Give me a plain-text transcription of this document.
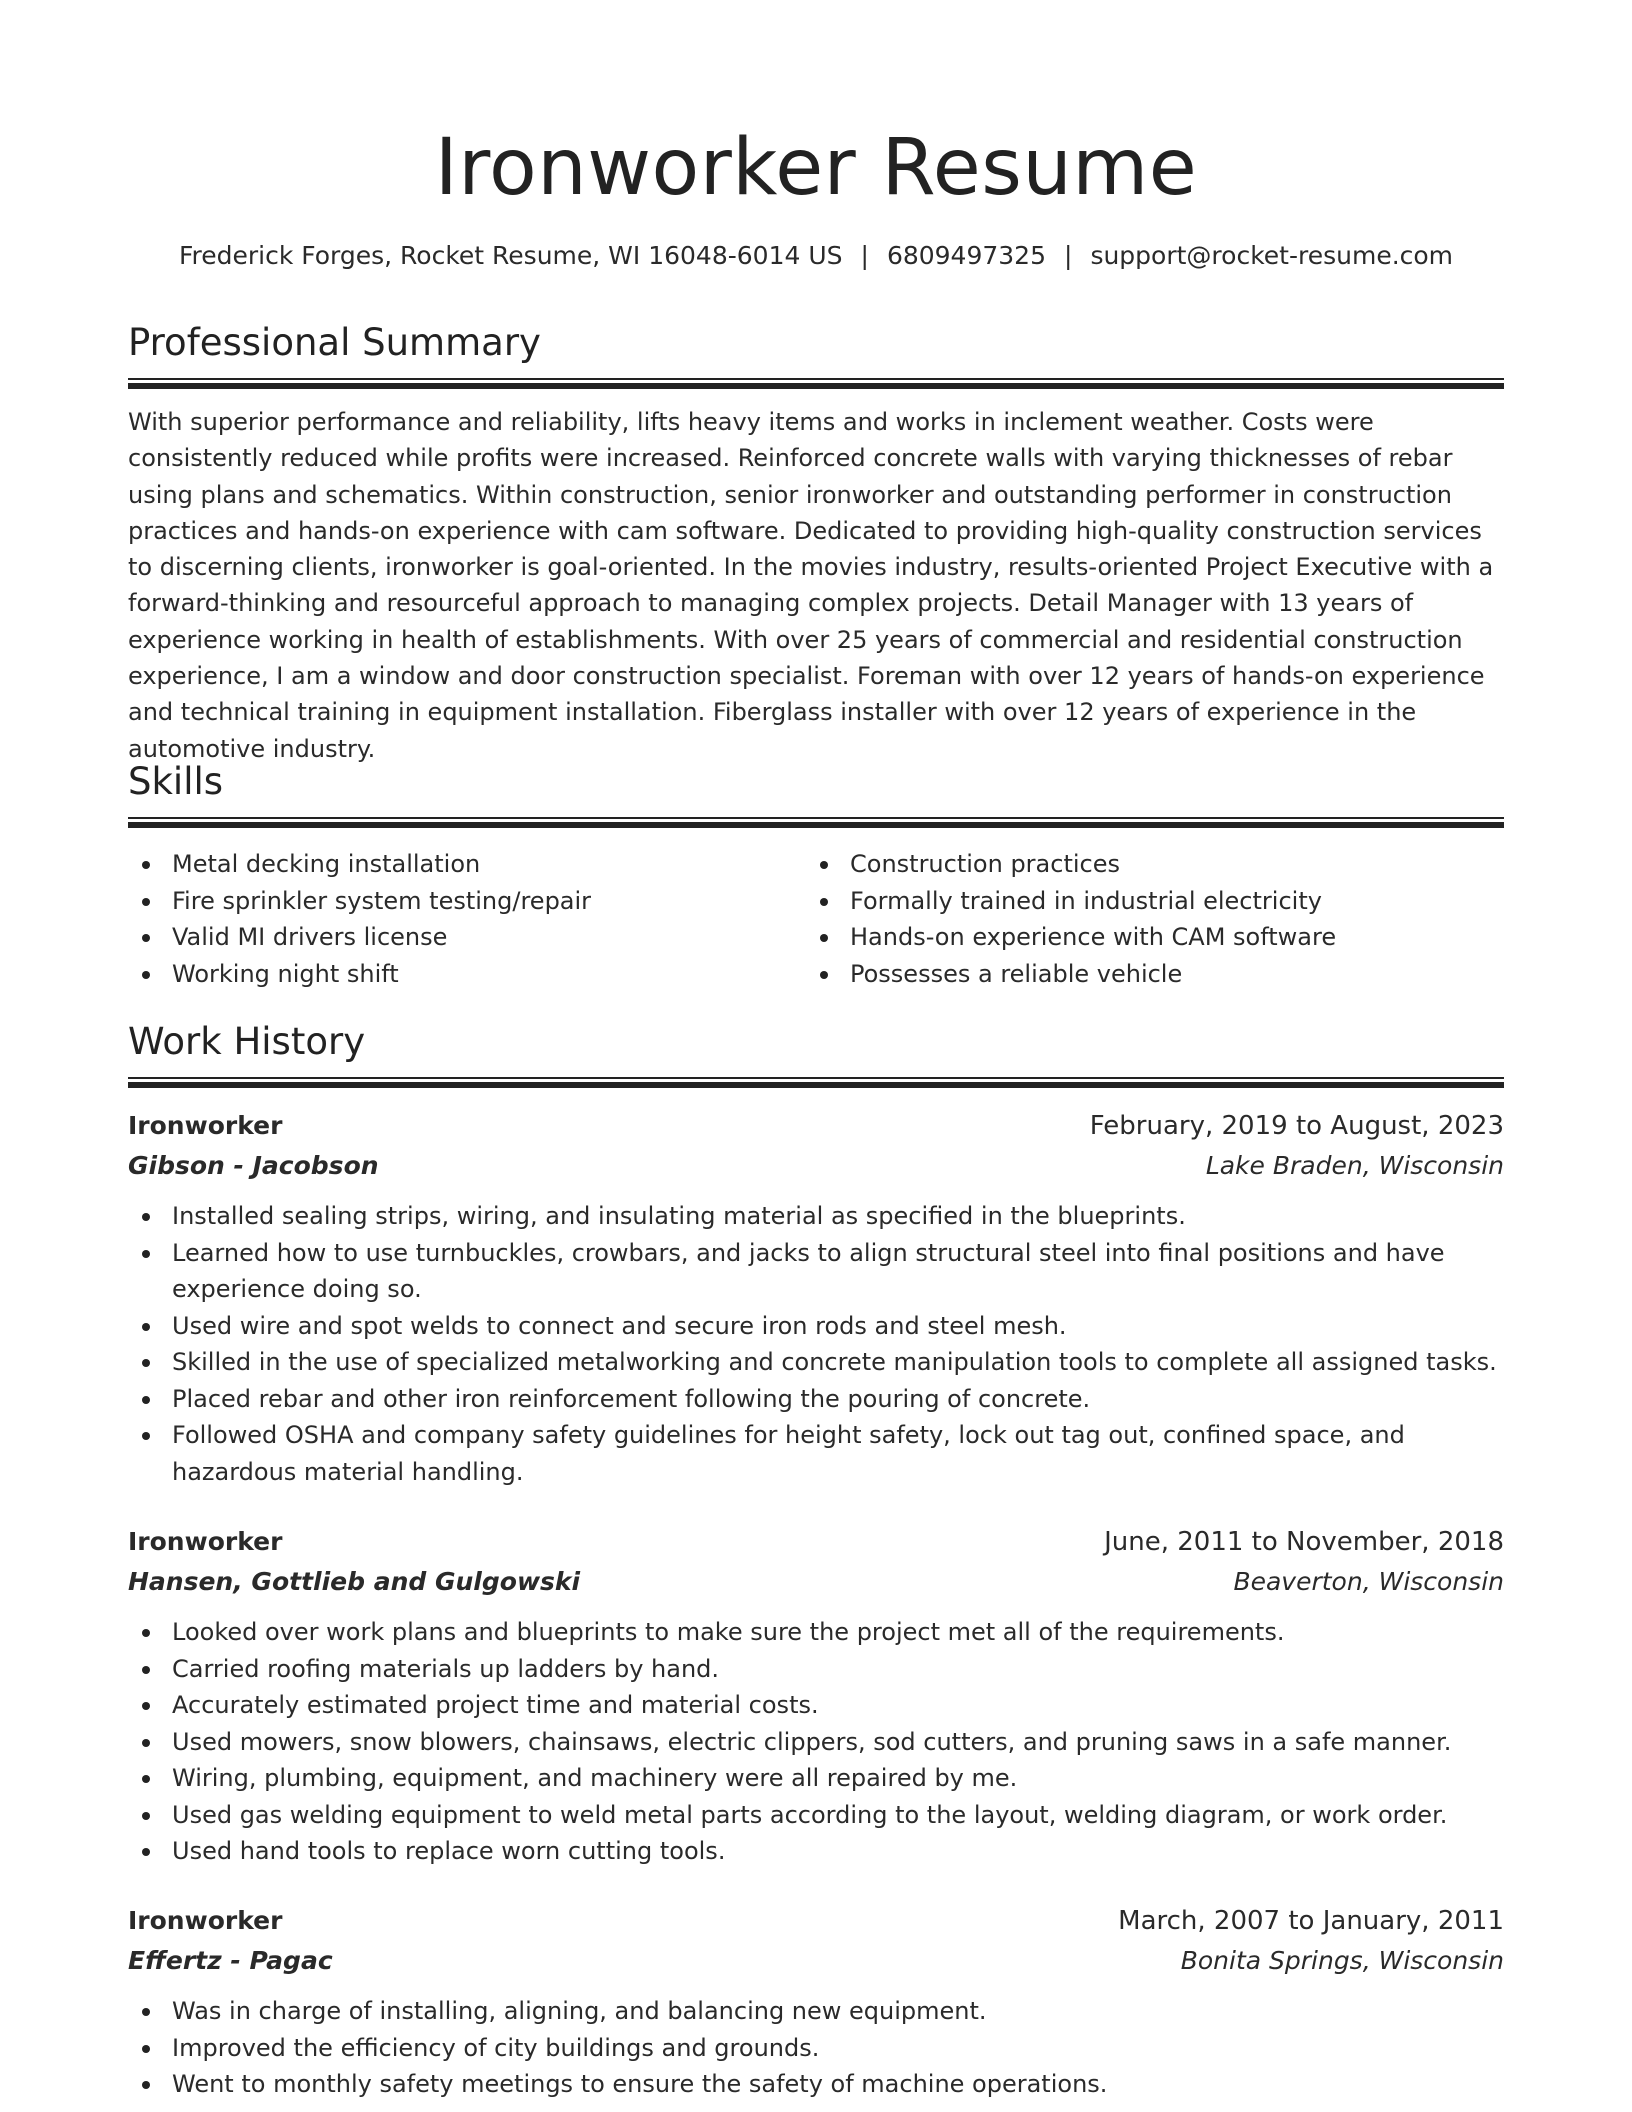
Ironworker Resume
Frederick Forges, Rocket Resume, WI 16048-6014 US | 6809497325 | support@rocket-resume.com
Professional Summary

With superior performance and reliability, lifts heavy items and works in inclement weather. Costs were consistently reduced while profits were increased. Reinforced concrete walls with varying thicknesses of rebar using plans and schematics. Within construction, senior ironworker and outstanding performer in construction practices and hands-on experience with cam software. Dedicated to providing high-quality construction services to discerning clients, ironworker is goal-oriented. In the movies industry, results-oriented Project Executive with a forward-thinking and resourceful approach to managing complex projects. Detail Manager with 13 years of experience working in health of establishments. With over 25 years of commercial and residential construction experience, I am a window and door construction specialist. Foreman with over 12 years of hands-on experience and technical training in equipment installation. Fiberglass installer with over 12 years of experience in the automotive industry.

Skills
Metal decking installation
Fire sprinkler system testing/repair
Valid MI drivers license
Working night shift
Construction practices
Formally trained in industrial electricity
Hands-on experience with CAM software
Possesses a reliable vehicle
Work History
Ironworker	February, 2019 to August, 2023
Gibson - Jacobson	Lake Braden, Wisconsin
Installed sealing strips, wiring, and insulating material as specified in the blueprints.
Learned how to use turnbuckles, crowbars, and jacks to align structural steel into final positions and have experience doing so.
Used wire and spot welds to connect and secure iron rods and steel mesh.
Skilled in the use of specialized metalworking and concrete manipulation tools to complete all assigned tasks.
Placed rebar and other iron reinforcement following the pouring of concrete.
Followed OSHA and company safety guidelines for height safety, lock out tag out, confined space, and hazardous material handling.
Ironworker	June, 2011 to November, 2018
Hansen, Gottlieb and Gulgowski	Beaverton, Wisconsin
Looked over work plans and blueprints to make sure the project met all of the requirements.
Carried roofing materials up ladders by hand.
Accurately estimated project time and material costs.
Used mowers, snow blowers, chainsaws, electric clippers, sod cutters, and pruning saws in a safe manner.
Wiring, plumbing, equipment, and machinery were all repaired by me.
Used gas welding equipment to weld metal parts according to the layout, welding diagram, or work order.
Used hand tools to replace worn cutting tools.
Ironworker	March, 2007 to January, 2011
Effertz - Pagac	Bonita Springs, Wisconsin
Was in charge of installing, aligning, and balancing new equipment.
Improved the efficiency of city buildings and grounds.
Went to monthly safety meetings to ensure the safety of machine operations.
